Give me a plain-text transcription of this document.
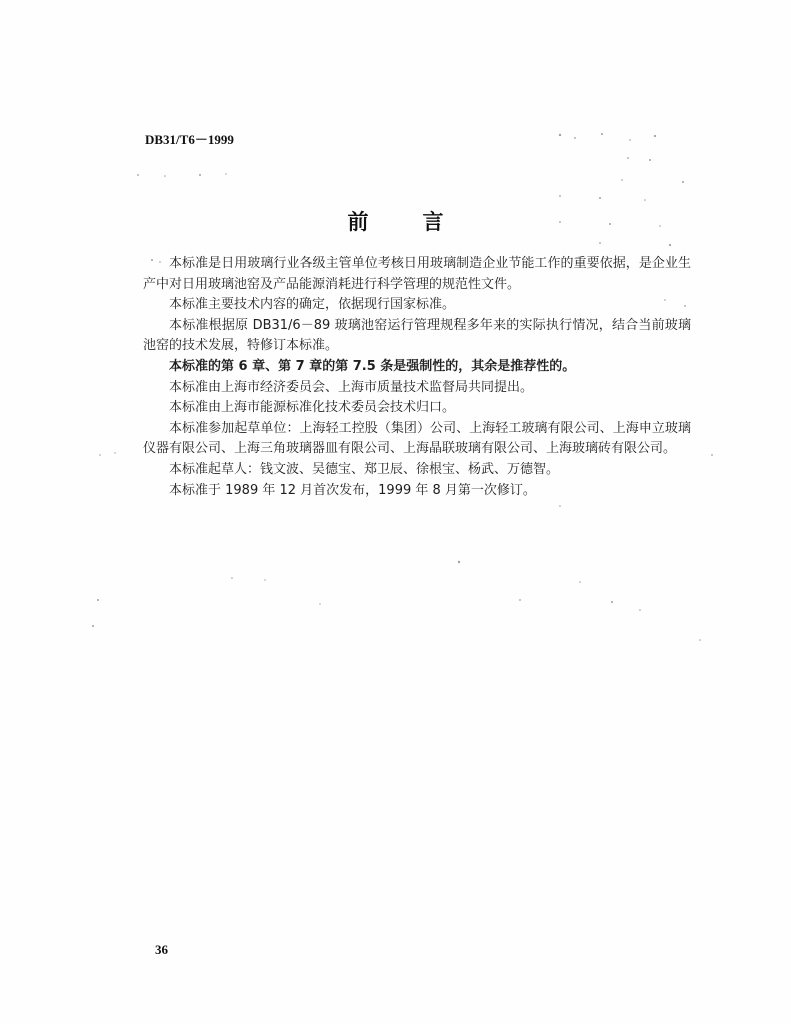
DB31/T6－1999
前	言

本标准是日用玻璃行业各级主管单位考核日用玻璃制造企业节能工作的重要依据，是企业生产中对日用玻璃池窑及产品能源消耗进行科学管理的规范性文件。

本标准主要技术内容的确定，依据现行国家标准。

本标准根据原 DB31/6－89 玻璃池窑运行管理规程多年来的实际执行情况，结合当前玻璃池窑的技术发展，特修订本标准。

本标准的第 6 章、第 7 章的第 7.5 条是强制性的，其余是推荐性的。

本标准由上海市经济委员会、上海市质量技术监督局共同提出。

本标准由上海市能源标准化技术委员会技术归口。

本标准参加起草单位：上海轻工控股（集团）公司、上海轻工玻璃有限公司、上海申立玻璃仪器有限公司、上海三角玻璃器皿有限公司、上海晶联玻璃有限公司、上海玻璃砖有限公司。

本标准起草人：钱文波、吴德宝、郑卫辰、徐根宝、杨武、万德智。

本标准于 1989 年 12 月首次发布，1999 年 8 月第一次修订。

36
